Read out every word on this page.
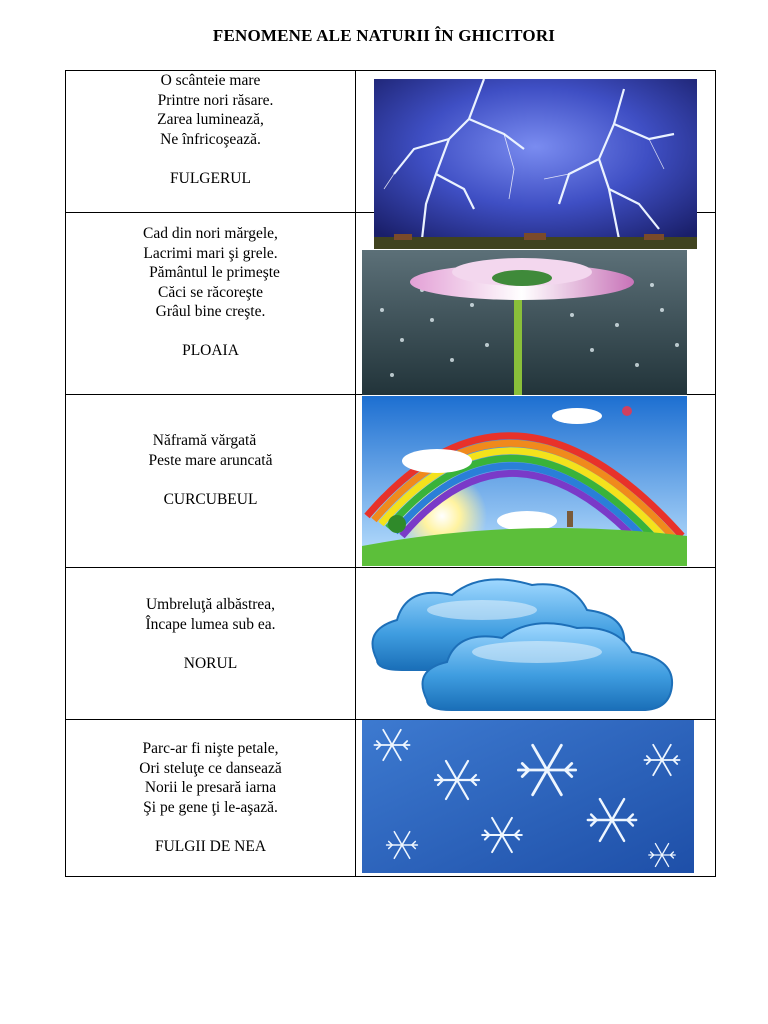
FENOMENE ALE NATURII ÎN GHICITORI
O scânteie mare
Printre nori răsare.
Zarea luminează,
Ne înfricoşează.
FULGERUL
Cad din nori mărgele,
Lacrimi mari şi grele.
Pământul le primeşte
Căci se răcoreşte
Grâul bine creşte.
PLOAIA
Năframă vărgată
Peste mare aruncată
CURCUBEUL
Umbreluţă albăstrea,
Încape lumea sub ea.
NORUL
Parc-ar fi nişte petale,
Ori steluţe ce dansează
Norii le presară iarna
Şi pe gene ţi le-aşază.
FULGII DE NEA
